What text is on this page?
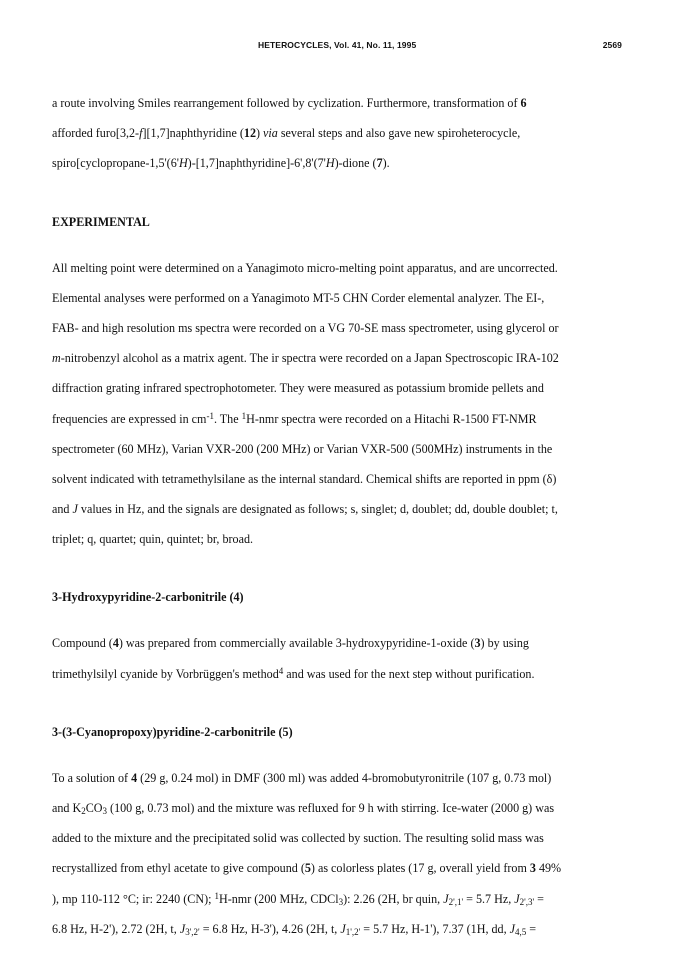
HETEROCYCLES, Vol. 41, No. 11, 1995	2569
a route involving Smiles rearrangement followed by cyclization. Furthermore, transformation of 6
afforded furo[3,2-f][1,7]naphthyridine (12) via several steps and also gave new spiroheterocycle,
spiro[cyclopropane-1,5'(6'H)-[1,7]naphthyridine]-6',8'(7'H)-dione (7).
EXPERIMENTAL
All melting point were determined on a Yanagimoto micro-melting point apparatus, and are uncorrected.
Elemental analyses were performed on a Yanagimoto MT-5 CHN Corder elemental analyzer. The EI-,
FAB- and high resolution ms spectra were recorded on a VG 70-SE mass spectrometer, using glycerol or
m-nitrobenzyl alcohol as a matrix agent. The ir spectra were recorded on a Japan Spectroscopic IRA-102
diffraction grating infrared spectrophotometer. They were measured as potassium bromide pellets and
frequencies are expressed in $cm^{-1}$. The $^1$H-nmr spectra were recorded on a Hitachi R-1500 FT-NMR
spectrometer (60 MHz), Varian VXR-200 (200 MHz) or Varian VXR-500 (500MHz) instruments in the
solvent indicated with tetramethylsilane as the internal standard. Chemical shifts are reported in ppm (δ)
and J values in Hz, and the signals are designated as follows; s, singlet; d, doublet; dd, double doublet; t,
triplet; q, quartet; quin, quintet; br, broad.
3-Hydroxypyridine-2-carbonitrile (4)
Compound (4) was prepared from commercially available 3-hydroxypyridine-1-oxide (3) by using
trimethylsilyl cyanide by Vorbrüggen's method$^4$ and was used for the next step without purification.
3-(3-Cyanopropoxy)pyridine-2-carbonitrile (5)
To a solution of 4 (29 g, 0.24 mol) in DMF (300 ml) was added 4-bromobutyronitrile (107 g, 0.73 mol)
and $K_2CO_3$ (100 g, 0.73 mol) and the mixture was refluxed for 9 h with stirring. Ice-water (2000 g) was
added to the mixture and the precipitated solid was collected by suction. The resulting solid mass was
recrystallized from ethyl acetate to give compound (5) as colorless plates (17 g, overall yield from 3 49%
), mp 110-112 °C; ir: 2240 (CN); $^1$H-nmr (200 MHz, CDCl$_3$): 2.26 (2H, br quin, $J_{2',1'} = 5.7$ Hz, $J_{2',3'}$ =
6.8 Hz, H-2'), 2.72 (2H, t, $J_{3',2'} = 6.8$ Hz, H-3'), 4.26 (2H, t, $J_{1',2'} = 5.7$ Hz, H-1'), 7.37 (1H, dd, $J_{4,5}$ =
